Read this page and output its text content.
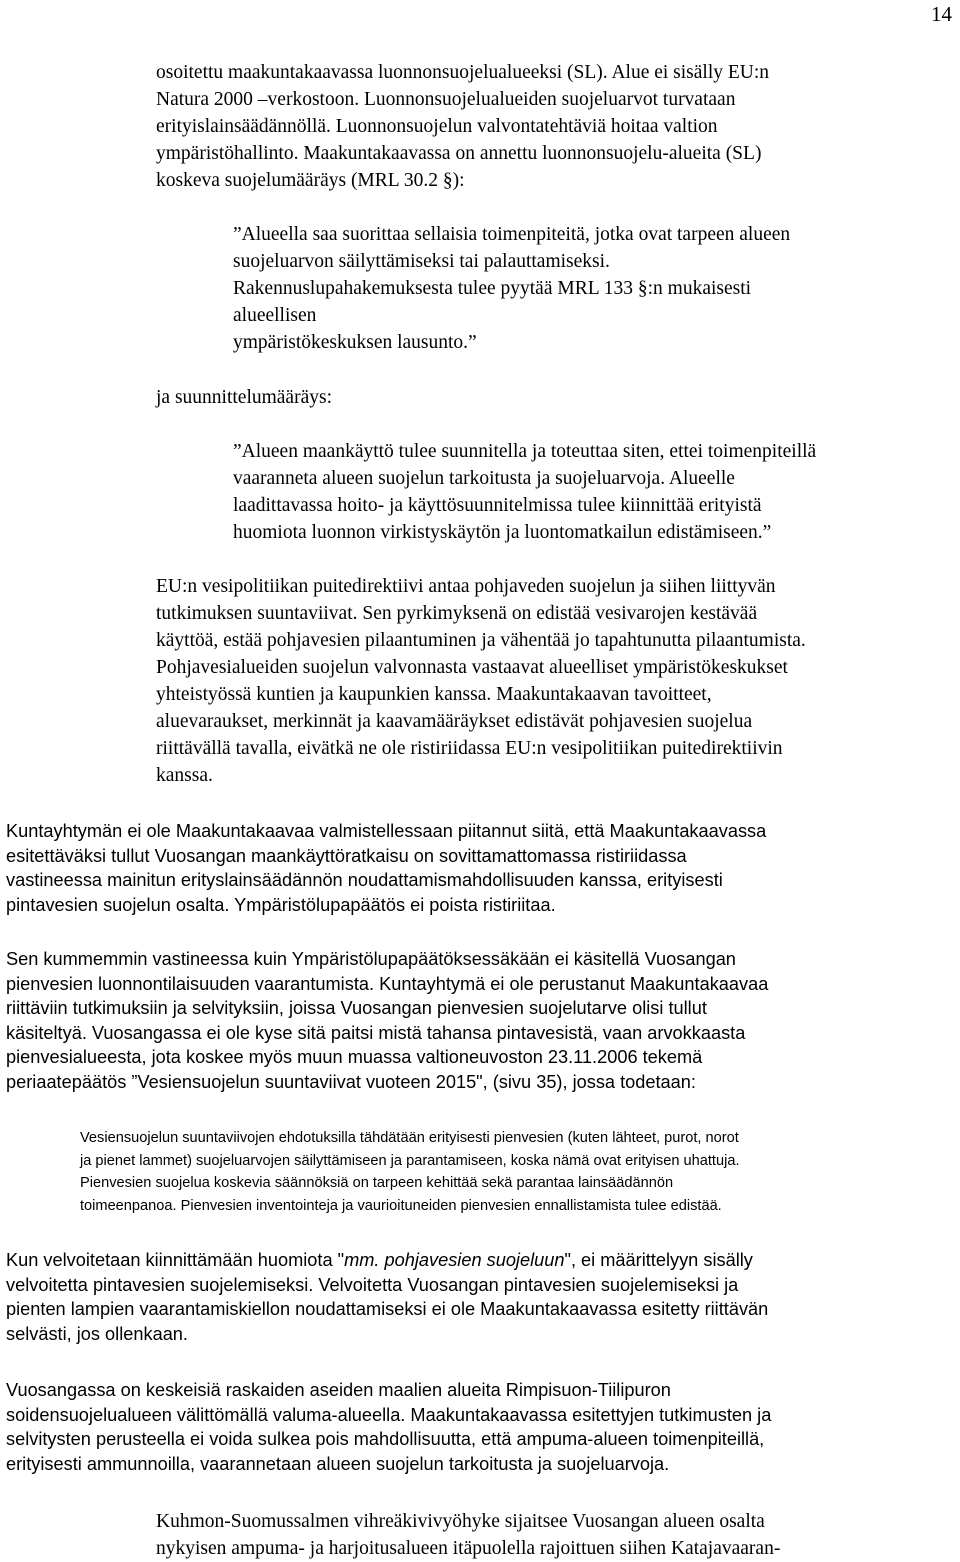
14
osoitettu maakuntakaavassa luonnonsuojelualueeksi (SL). Alue ei sisälly EU:n
Natura 2000 –verkostoon. Luonnonsuojelualueiden suojeluarvot turvataan
erityislainsäädännöllä. Luonnonsuojelun valvontatehtäviä hoitaa valtion
ympäristöhallinto. Maakuntakaavassa on annettu luonnonsuojelu-alueita (SL)
koskeva suojelumääräys (MRL 30.2 §):
”Alueella saa suorittaa sellaisia toimenpiteitä, jotka ovat tarpeen alueen
suojeluarvon säilyttämiseksi tai palauttamiseksi.
Rakennuslupahakemuksesta tulee pyytää MRL 133 §:n mukaisesti
alueellisen
ympäristökeskuksen lausunto.”
ja suunnittelumääräys:
”Alueen maankäyttö tulee suunnitella ja toteuttaa siten, ettei toimenpiteillä
vaaranneta alueen suojelun tarkoitusta ja suojeluarvoja. Alueelle
laadittavassa hoito- ja käyttösuunnitelmissa tulee kiinnittää erityistä
huomiota luonnon virkistyskäytön ja luontomatkailun edistämiseen.”
EU:n vesipolitiikan puitedirektiivi antaa pohjaveden suojelun ja siihen liittyvän
tutkimuksen suuntaviivat. Sen pyrkimyksenä on edistää vesivarojen kestävää
käyttöä, estää pohjavesien pilaantuminen ja vähentää jo tapahtunutta pilaantumista.
Pohjavesialueiden suojelun valvonnasta vastaavat alueelliset ympäristökeskukset
yhteistyössä kuntien ja kaupunkien kanssa. Maakuntakaavan tavoitteet,
aluevaraukset, merkinnät ja kaavamääräykset edistävät pohjavesien suojelua
riittävällä tavalla, eivätkä ne ole ristiriidassa EU:n vesipolitiikan puitedirektiivin
kanssa.
Kuntayhtymän ei ole Maakuntakaavaa valmistellessaan piitannut siitä, että Maakuntakaavassa
esitettäväksi tullut Vuosangan maankäyttöratkaisu on sovittamattomassa ristiriidassa
vastineessa mainitun erityslainsäädännön noudattamismahdollisuuden kanssa, erityisesti
pintavesien suojelun osalta. Ympäristölupapäätös ei poista ristiriitaa.
Sen kummemmin vastineessa kuin Ympäristölupapäätöksessäkään ei käsitellä Vuosangan
pienvesien luonnontilaisuuden vaarantumista. Kuntayhtymä ei ole perustanut Maakuntakaavaa
riittäviin tutkimuksiin ja selvityksiin, joissa Vuosangan pienvesien suojelutarve olisi tullut
käsiteltyä. Vuosangassa ei ole kyse sitä paitsi mistä tahansa pintavesistä, vaan arvokkaasta
pienvesialueesta, jota koskee myös muun muassa valtioneuvoston 23.11.2006 tekemä
periaatepäätös ”Vesiensuojelun suuntaviivat vuoteen 2015", (sivu 35), jossa todetaan:
Vesiensuojelun suuntaviivojen ehdotuksilla tähdätään erityisesti pienvesien (kuten lähteet, purot, norot
ja pienet lammet) suojeluarvojen säilyttämiseen ja parantamiseen, koska nämä ovat erityisen uhattuja.
Pienvesien suojelua koskevia säännöksiä on tarpeen kehittää sekä parantaa lainsäädännön
toimeenpanoa. Pienvesien inventointeja ja vaurioituneiden pienvesien ennallistamista tulee edistää.
Kun velvoitetaan kiinnittämään huomiota "mm. pohjavesien suojeluun", ei määrittelyyn sisälly
velvoitetta pintavesien suojelemiseksi. Velvoitetta Vuosangan pintavesien suojelemiseksi ja
pienten lampien vaarantamiskiellon noudattamiseksi ei ole Maakuntakaavassa esitetty riittävän
selvästi, jos ollenkaan.
Vuosangassa on keskeisiä raskaiden aseiden maalien alueita Rimpisuon-Tiilipuron
soidensuojelualueen välittömällä valuma-alueella. Maakuntakaavassa esitettyjen tutkimusten ja
selvitysten perusteella ei voida sulkea pois mahdollisuutta, että ampuma-alueen toimenpiteillä,
erityisesti ammunnoilla, vaarannetaan alueen suojelun tarkoitusta ja suojeluarvoja.
Kuhmon-Suomussalmen vihreäkivivyöhyke sijaitsee Vuosangan alueen osalta
nykyisen ampuma- ja harjoitusalueen itäpuolella rajoittuen siihen Katajavaaran-
